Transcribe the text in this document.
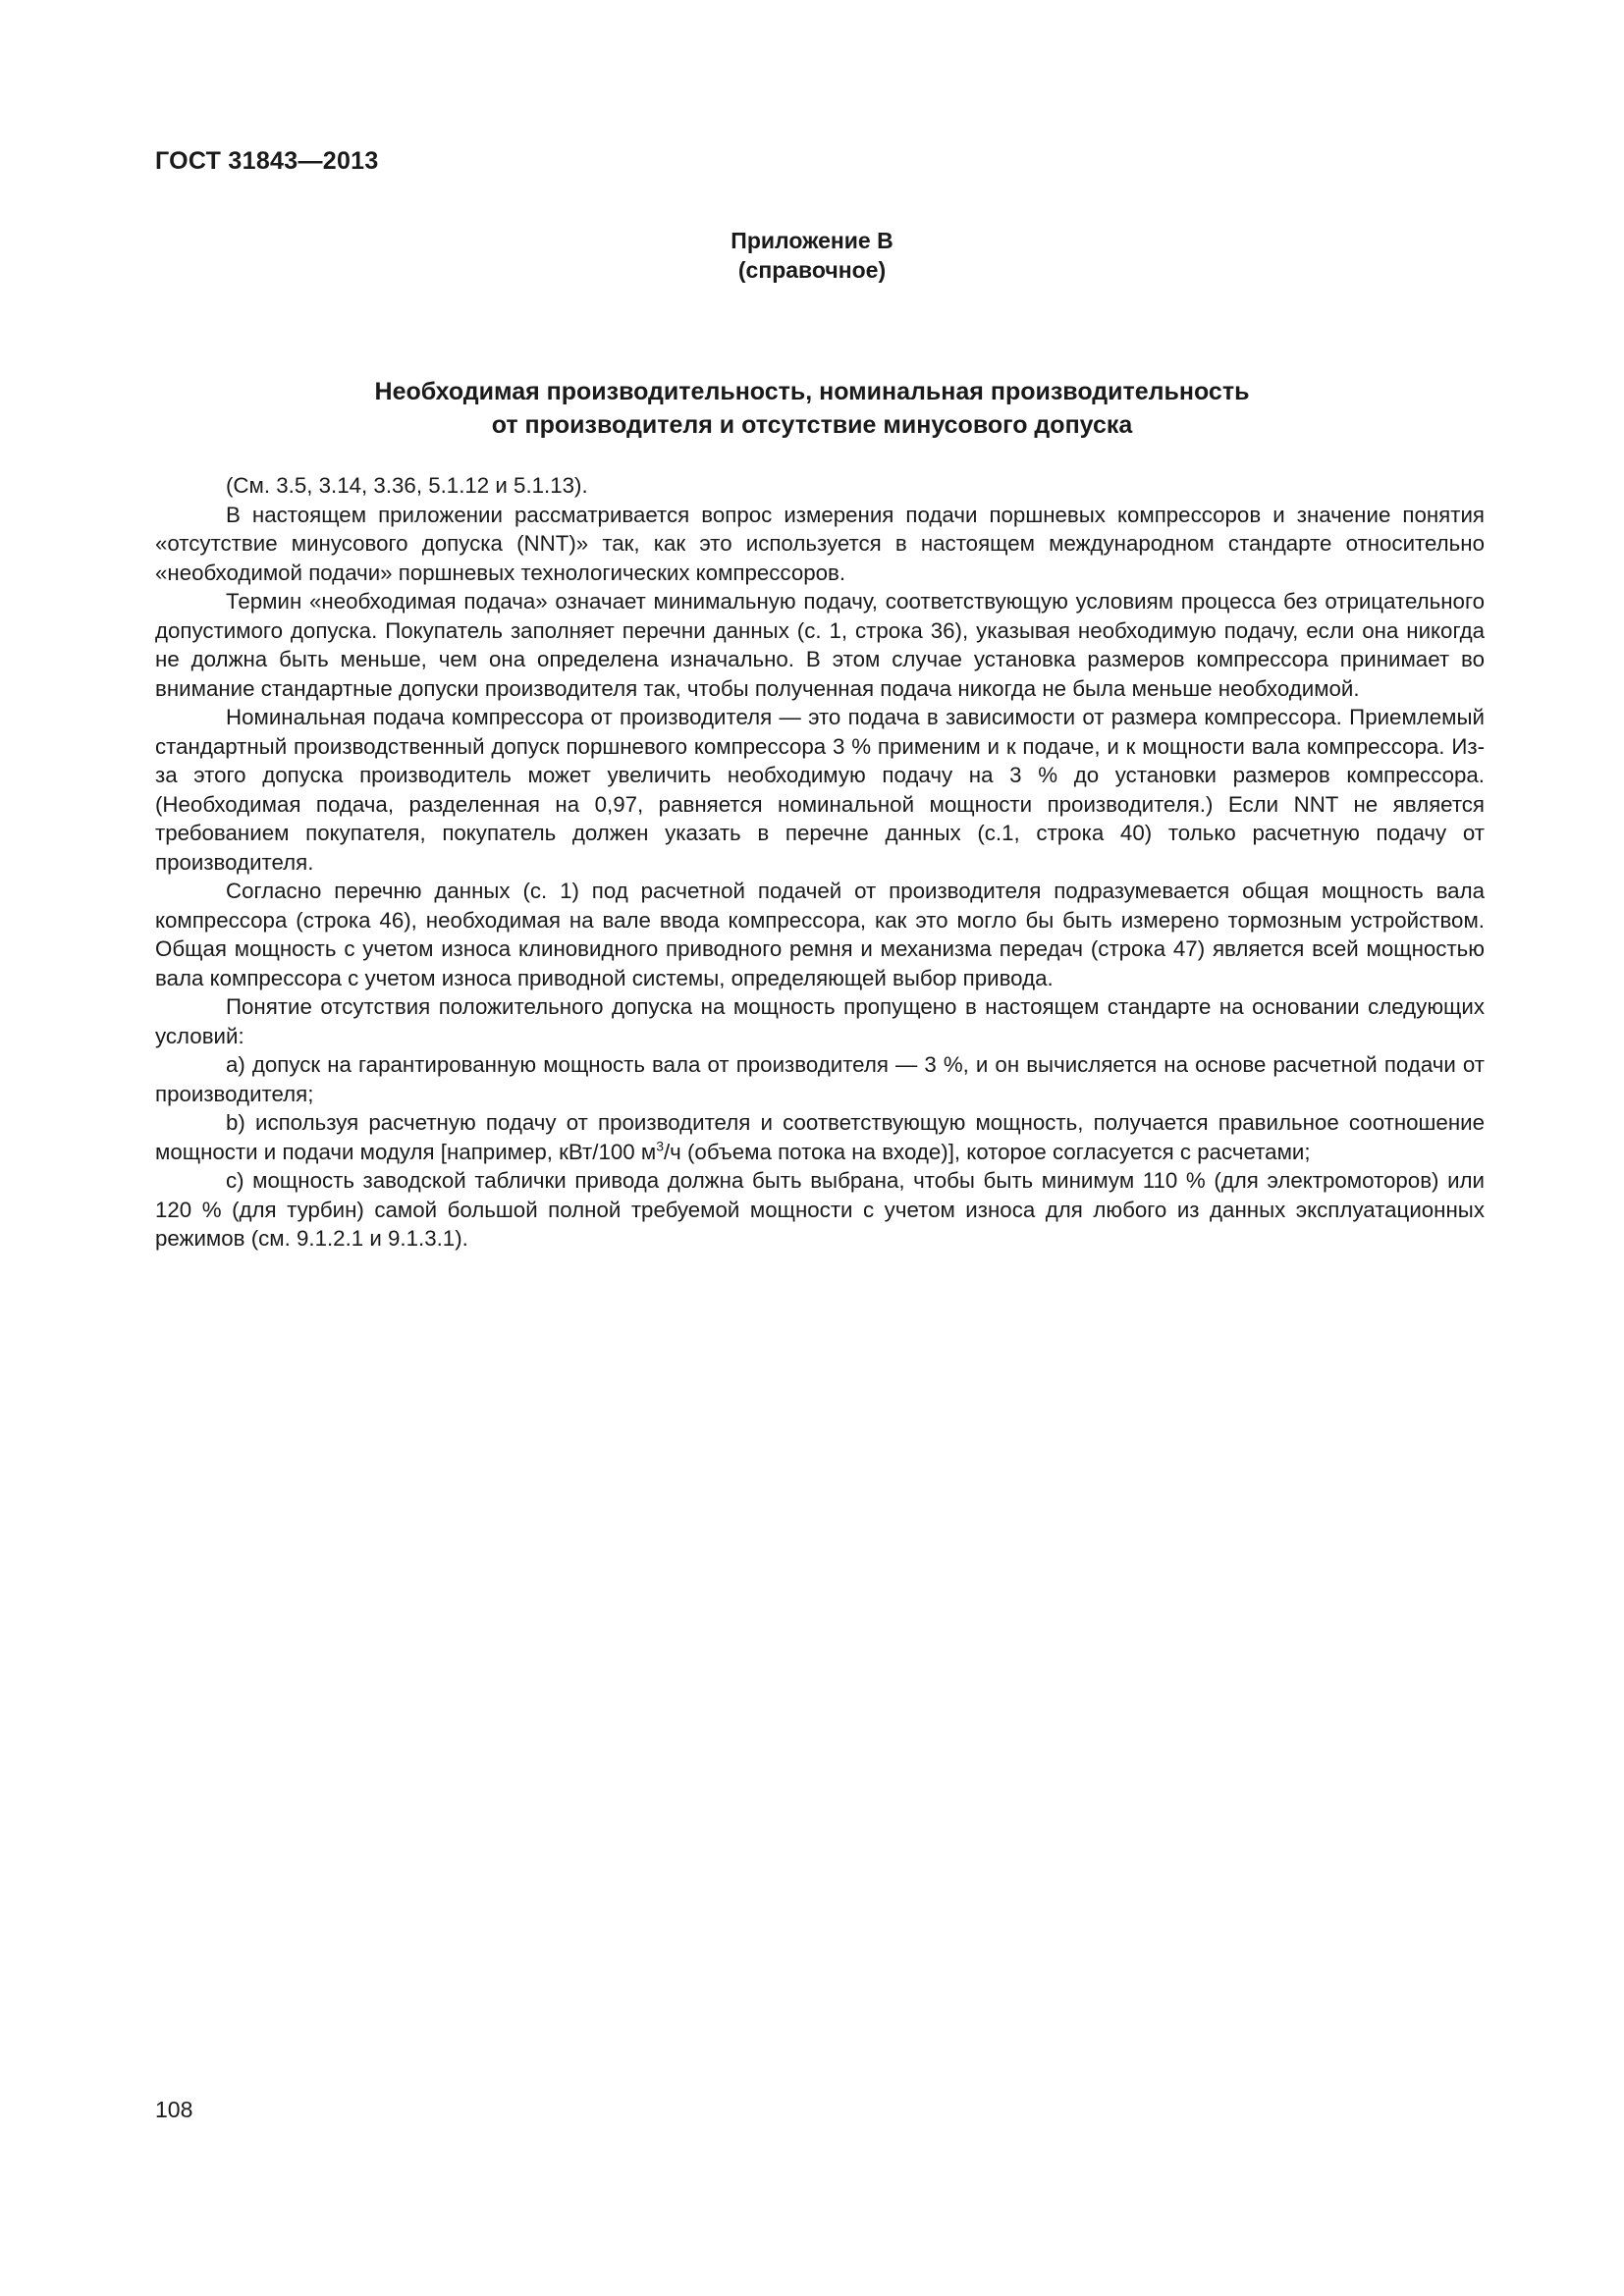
ГОСТ 31843—2013
Приложение В
(справочное)
Необходимая производительность, номинальная производительность
от производителя и отсутствие минусового допуска

(См. 3.5, 3.14, 3.36, 5.1.12 и 5.1.13).

В настоящем приложении рассматривается вопрос измерения подачи поршневых компрессоров и значение понятия «отсутствие минусового допуска (NNT)» так, как это используется в настоящем международном стандарте относительно «необходимой подачи» поршневых технологических компрессоров.

Термин «необходимая подача» означает минимальную подачу, соответствующую условиям процесса без отрицательного допустимого допуска. Покупатель заполняет перечни данных (с. 1, строка 36), указывая необходимую подачу, если она никогда не должна быть меньше, чем она определена изначально. В этом случае установка размеров компрессора принимает во внимание стандартные допуски производителя так, чтобы полученная подача никогда не была меньше необходимой.

Номинальная подача компрессора от производителя — это подача в зависимости от размера компрессора. Приемлемый стандартный производственный допуск поршневого компрессора 3 % применим и к подаче, и к мощности вала компрессора. Из-за этого допуска производитель может увеличить необходимую подачу на 3 % до установки размеров компрессора. (Необходимая подача, разделенная на 0,97, равняется номинальной мощности производителя.) Если NNT не является требованием покупателя, покупатель должен указать в перечне данных (с.1, строка 40) только расчетную подачу от производителя.

Согласно перечню данных (с. 1) под расчетной подачей от производителя подразумевается общая мощность вала компрессора (строка 46), необходимая на вале ввода компрессора, как это могло бы быть измерено тормозным устройством. Общая мощность с учетом износа клиновидного приводного ремня и механизма передач (строка 47) является всей мощностью вала компрессора с учетом износа приводной системы, определяющей выбор привода.

Понятие отсутствия положительного допуска на мощность пропущено в настоящем стандарте на основании следующих условий:

а) допуск на гарантированную мощность вала от производителя — 3 %, и он вычисляется на основе расчетной подачи от производителя;

b) используя расчетную подачу от производителя и соответствующую мощность, получается правильное соотношение мощности и подачи модуля [например, кВт/100 $м^3/ч$ (объема потока на входе)], которое согласуется с расчетами;

c) мощность заводской таблички привода должна быть выбрана, чтобы быть минимум 110 % (для электромоторов) или 120 % (для турбин) самой большой полной требуемой мощности с учетом износа для любого из данных эксплуатационных режимов (см. 9.1.2.1 и 9.1.3.1).

108
